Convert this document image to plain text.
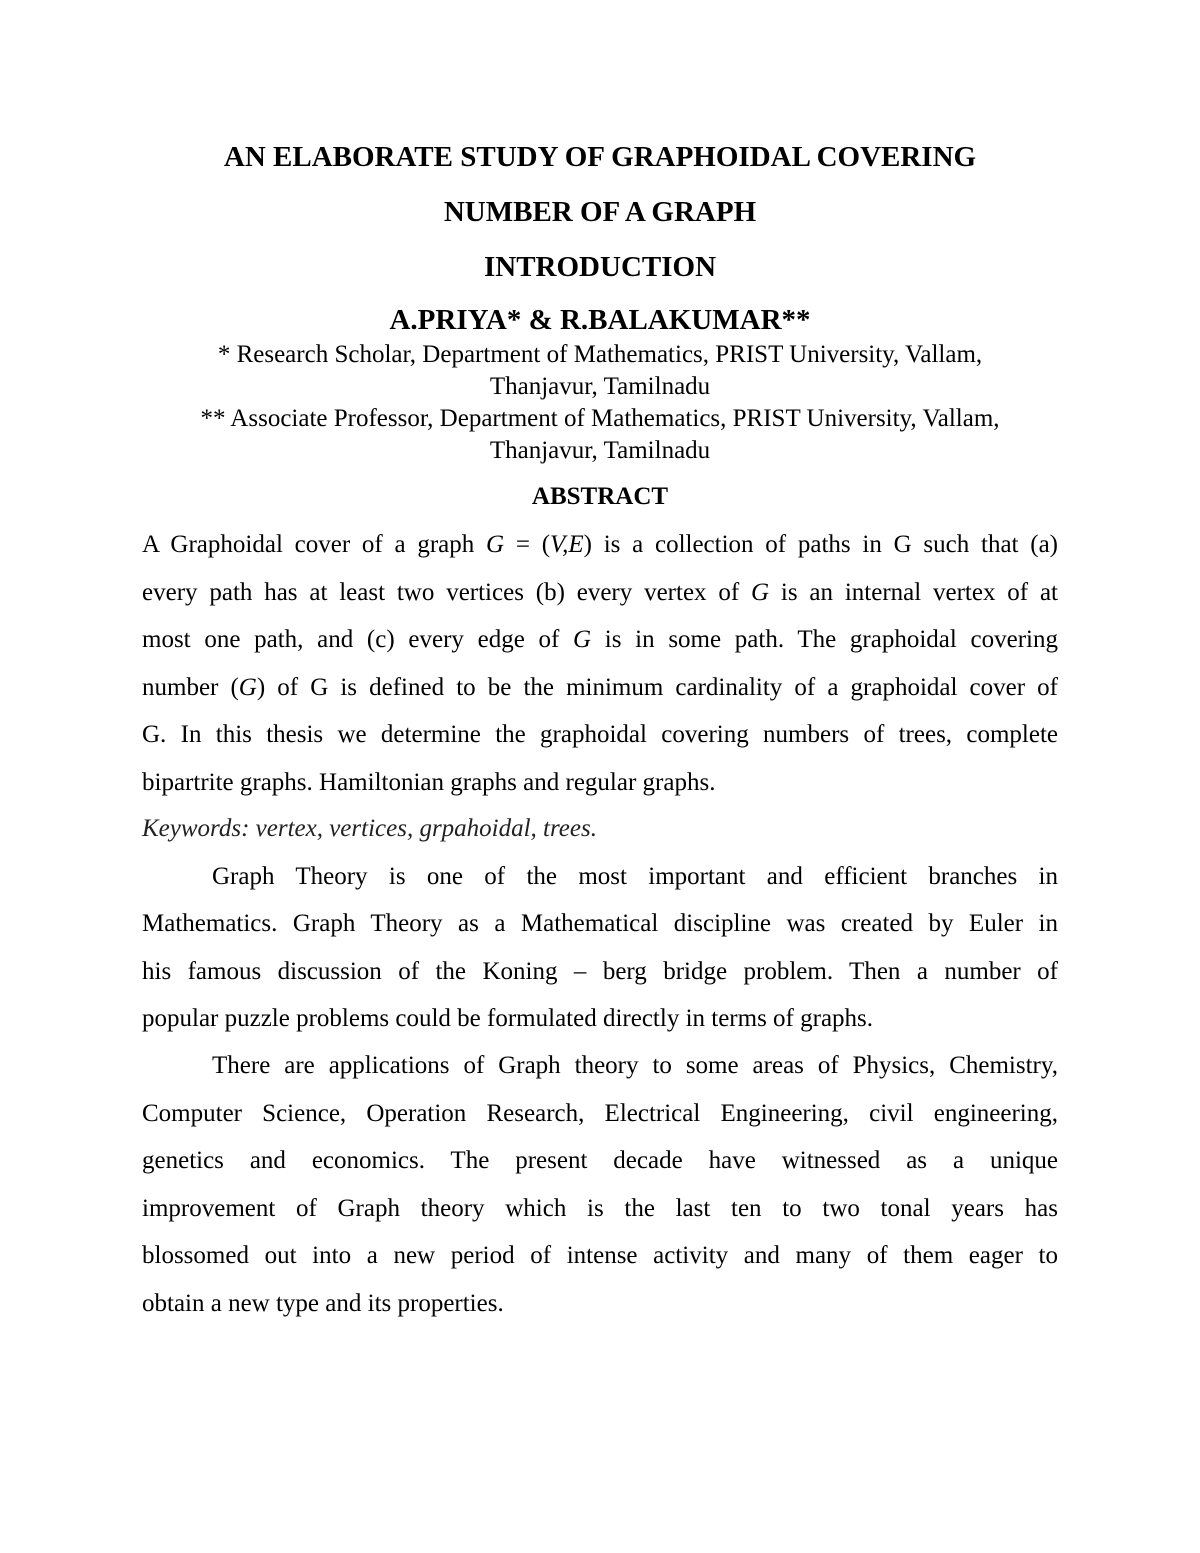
AN ELABORATE STUDY OF GRAPHOIDAL COVERING
NUMBER OF A GRAPH
INTRODUCTION
A.PRIYA* & R.BALAKUMAR**
* Research Scholar, Department of Mathematics, PRIST University, Vallam,
Thanjavur, Tamilnadu
** Associate Professor, Department of Mathematics, PRIST University, Vallam,
Thanjavur, Tamilnadu
ABSTRACT
A Graphoidal cover of a graph G = (V,E) is a collection of paths in G such that (a)
every path has at least two vertices (b) every vertex of G is an internal vertex of at
most one path, and (c) every edge of G is in some path. The graphoidal covering
number (G) of G is defined to be the minimum cardinality of a graphoidal cover of
G. In this thesis we determine the graphoidal covering numbers of trees, complete
bipartrite graphs. Hamiltonian graphs and regular graphs.
Keywords: vertex, vertices, grpahoidal, trees.
Graph Theory is one of the most important and efficient branches in
Mathematics. Graph Theory as a Mathematical discipline was created by Euler in
his famous discussion of the Koning – berg bridge problem. Then a number of
popular puzzle problems could be formulated directly in terms of graphs.
There are applications of Graph theory to some areas of Physics, Chemistry,
Computer Science, Operation Research, Electrical Engineering, civil engineering,
genetics and economics. The present decade have witnessed as a unique
improvement of Graph theory which is the last ten to two tonal years has
blossomed out into a new period of intense activity and many of them eager to
obtain a new type and its properties.
